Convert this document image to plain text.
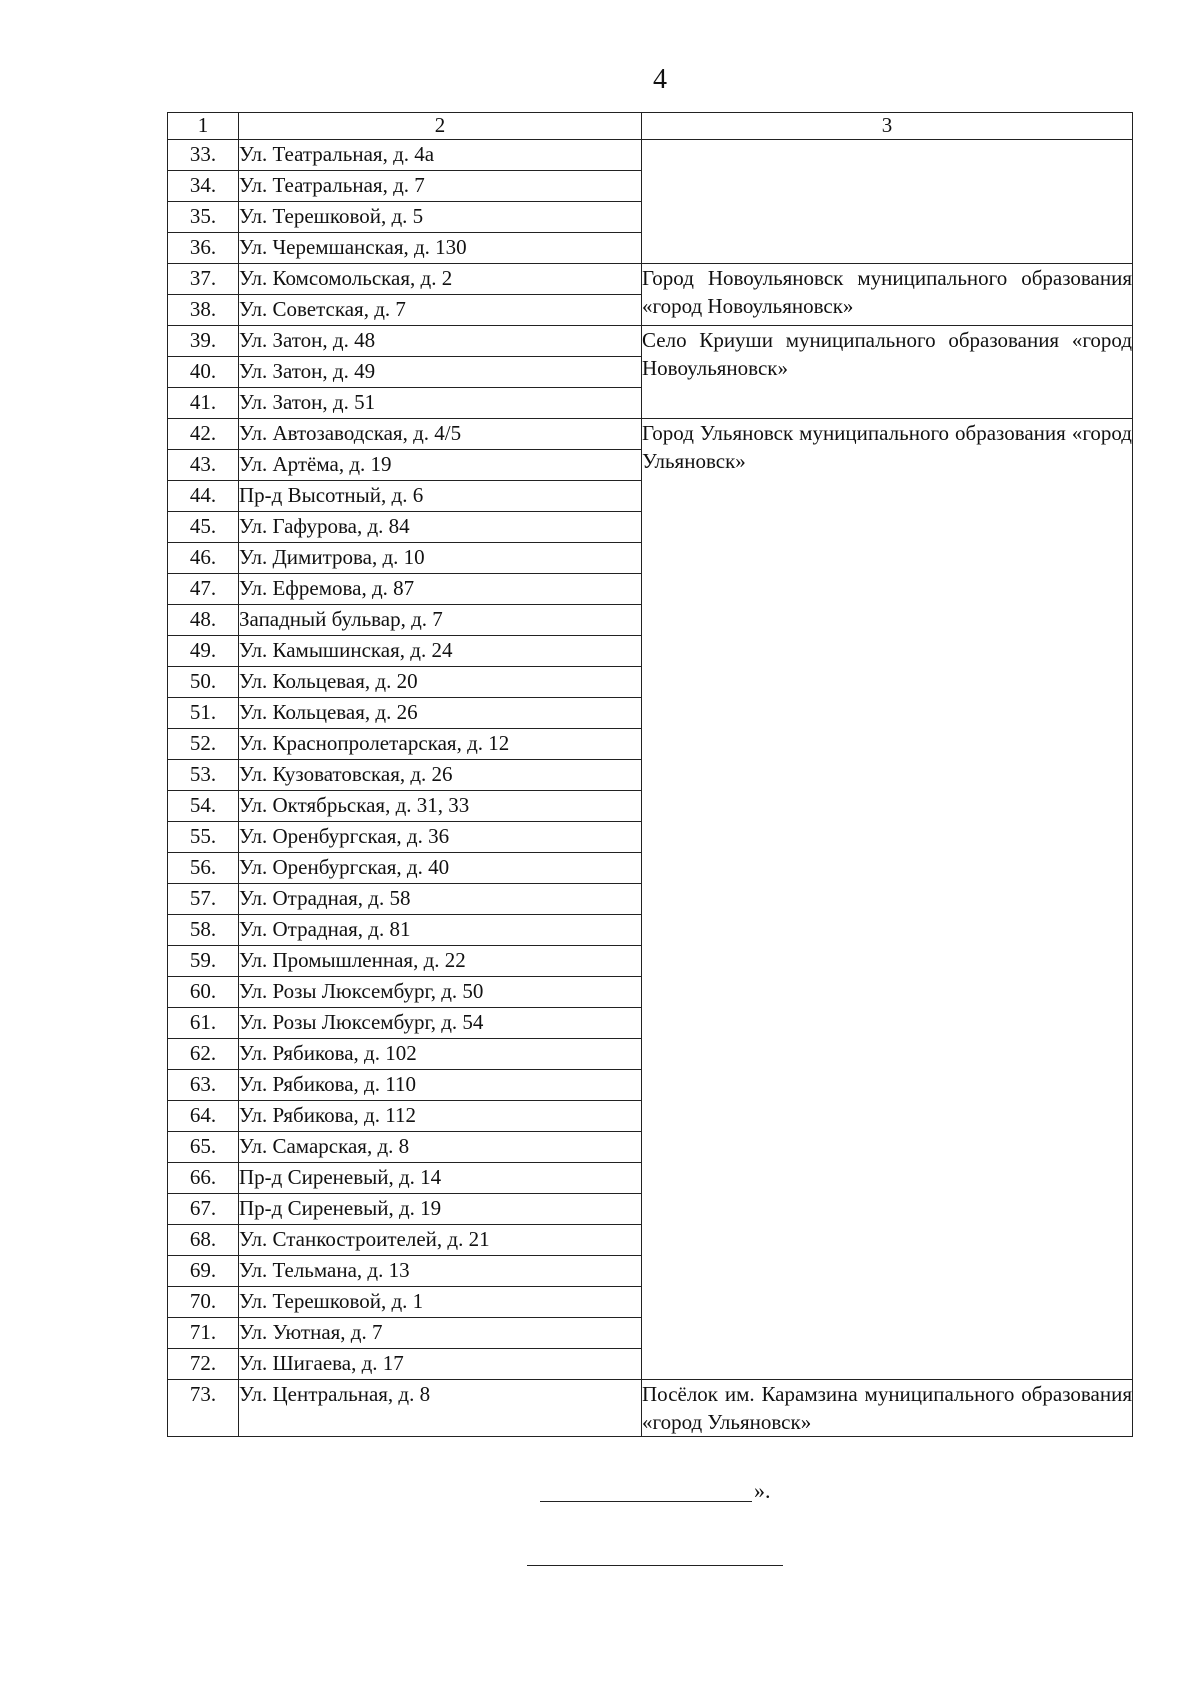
4
1	2	3
33.	Ул. Театральная, д. 4а	
34.	Ул. Театральная, д. 7	
35.	Ул. Терешковой, д. 5	
36.	Ул. Черемшанская, д. 130	
37.	Ул. Комсомольская, д. 2	Город Новоульяновск муниципального образования «город Новоульяновск»
38.	Ул. Советская, д. 7	
39.	Ул. Затон, д. 48	Село Криуши муниципального образования «город Новоульяновск»
40.	Ул. Затон, д. 49	
41.	Ул. Затон, д. 51	
42.	Ул. Автозаводская, д. 4/5	Город Ульяновск муниципального образования «город Ульяновск»
43.	Ул. Артёма, д. 19	
44.	Пр-д Высотный, д. 6	
45.	Ул. Гафурова, д. 84	
46.	Ул. Димитрова, д. 10	
47.	Ул. Ефремова, д. 87	
48.	Западный бульвар, д. 7	
49.	Ул. Камышинская, д. 24	
50.	Ул. Кольцевая, д. 20	
51.	Ул. Кольцевая, д. 26	
52.	Ул. Краснопролетарская, д. 12	
53.	Ул. Кузоватовская, д. 26	
54.	Ул. Октябрьская, д. 31, 33	
55.	Ул. Оренбургская, д. 36	
56.	Ул. Оренбургская, д. 40	
57.	Ул. Отрадная, д. 58	
58.	Ул. Отрадная, д. 81	
59.	Ул. Промышленная, д. 22	
60.	Ул. Розы Люксембург, д. 50	
61.	Ул. Розы Люксембург, д. 54	
62.	Ул. Рябикова, д. 102	
63.	Ул. Рябикова, д. 110	
64.	Ул. Рябикова, д. 112	
65.	Ул. Самарская, д. 8	
66.	Пр-д Сиреневый, д. 14	
67.	Пр-д Сиреневый, д. 19	
68.	Ул. Станкостроителей, д. 21	
69.	Ул. Тельмана, д. 13	
70.	Ул. Терешковой, д. 1	
71.	Ул. Уютная, д. 7	
72.	Ул. Шигаева, д. 17	
73.	Ул. Центральная, д. 8	Посёлок им. Карамзина муниципального образования «город Ульяновск»
».
